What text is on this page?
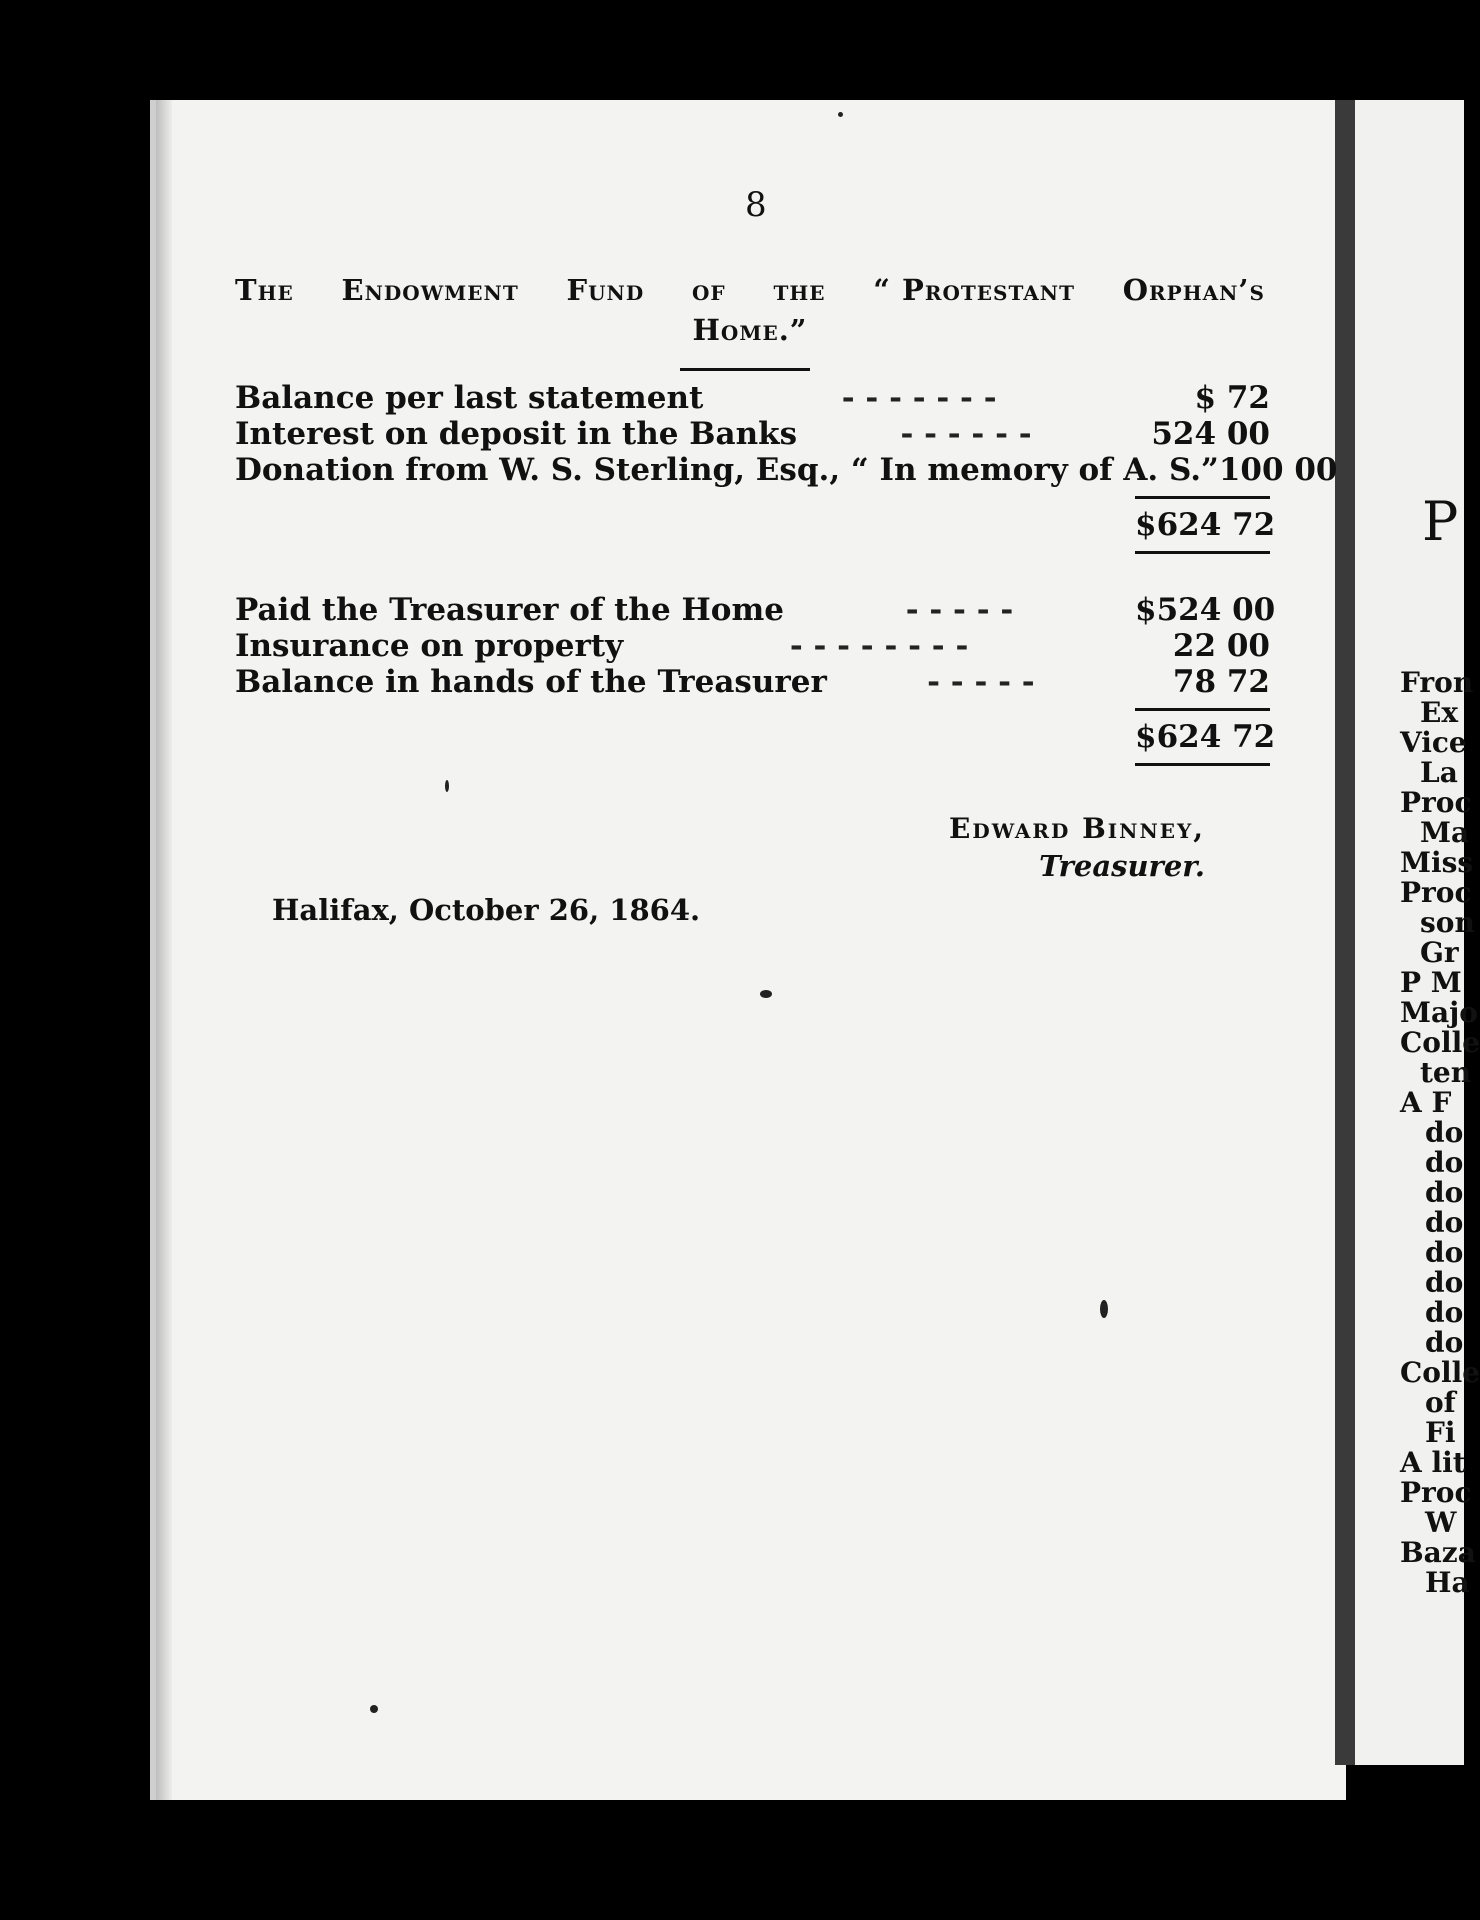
8
The Endowment Fund of the “ Protestant Orphan’s
Home.”
Balance per last statement	- - - - - - -	$ 72
Interest on deposit in the Banks	- - - - - -	524 00
Donation from W. S. Sterling, Esq., “ In memory of A. S.” 100 00
$624 72
Paid the Treasurer of the Home	- - - - -	$524 00
Insurance on property	- - - - - - - -	22 00
Balance in hands of the Treasurer	- - - - -	78 72
$624 72
Edward Binney,
Treasurer.
Halifax, October 26, 1864.
P
Fron
Ex
Vice
La
Proc
Ma
Miss
Proc
son
Gr
P M
Majo
Colle
ten
A F
do
do
do
do
do
do
do
do
Colle
of
Fi
A lit
Proc
W
Baza
Ha
